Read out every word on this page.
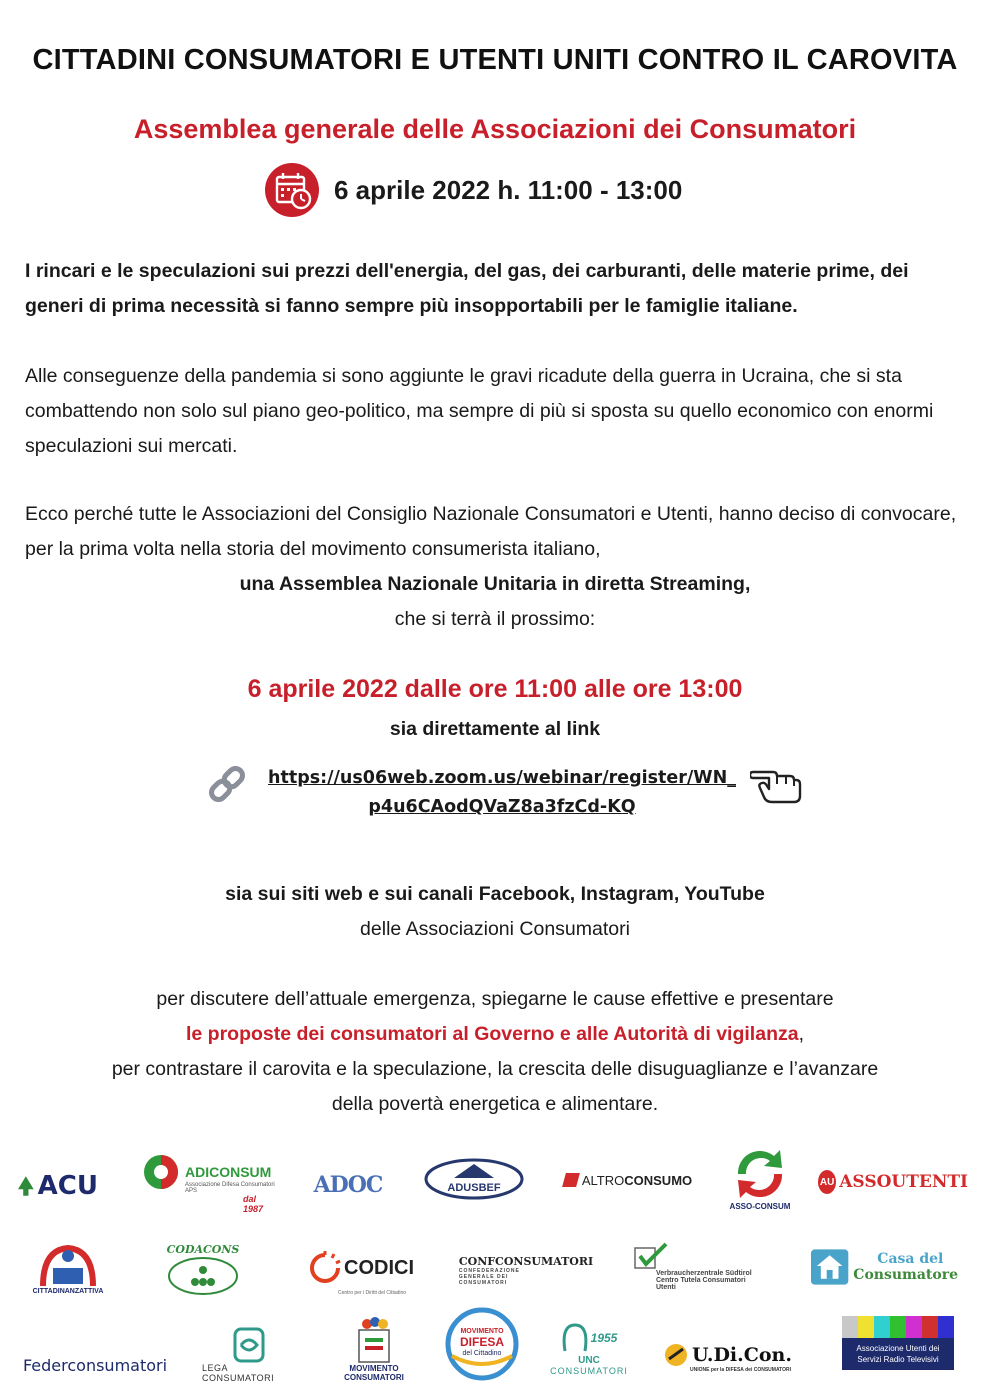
CITTADINI CONSUMATORI E UTENTI UNITI CONTRO IL CAROVITA
Assemblea generale delle Associazioni dei Consumatori
6 aprile 2022 h. 11:00 - 13:00
I rincari e le speculazioni sui prezzi dell'energia, del gas, dei carburanti, delle materie prime, dei generi di prima necessità si fanno sempre più insopportabili per le famiglie italiane.
Alle conseguenze della pandemia si sono aggiunte le gravi ricadute della guerra in Ucraina, che si sta combattendo non solo sul piano geo-politico, ma sempre di più si sposta su quello economico con enormi speculazioni sui mercati.
Ecco perché tutte le Associazioni del Consiglio Nazionale Consumatori e Utenti, hanno deciso di convocare, per la prima volta nella storia del movimento consumerista italiano,
una Assemblea Nazionale Unitaria in diretta Streaming,
che si terrà il prossimo:
6 aprile 2022 dalle ore 11:00 alle ore 13:00
sia direttamente al link
https://us06web.zoom.us/webinar/register/WN_
p4u6CAodQVaZ8a3fzCd-KQ
sia sui siti web e sui canali Facebook, Instagram, YouTube
delle Associazioni Consumatori
per discutere dell’attuale emergenza, spiegarne le cause effettive e presentare
le proposte dei consumatori al Governo e alle Autorità di vigilanza,
per contrastare il carovita e la speculazione, la crescita delle disuguaglianze e l’avanzare
della povertà energetica e alimentare.
ACU	ADICONSUM
Associazione Difesa Consumatori APS
dal 1987
ADOC	ADUSBEF
ALTRO CONSUMO
ASSO-CONSUM
AU ASSOUTENTI
CITTADINANZATTIVA
CODACONS
CODICI
Centro per i Diritti del Cittadino
CONFCONSUMATORI
CONFEDERAZIONE GENERALE DEI CONSUMATORI
Verbraucherzentrale Südtirol
Centro Tutela Consumatori Utenti
Casa del
Consumatore
Federconsumatori	LEGA CONSUMATORI
MOVIMENTO
CONSUMATORI
MOVIMENTO
DIFESA
del Cittadino
1955
UNC
CONSUMATORI
U.Di.Con.
UNIONE per la DIFESA dei CONSUMATORI
Associazione Utenti dei
Servizi Radio Televisivi
